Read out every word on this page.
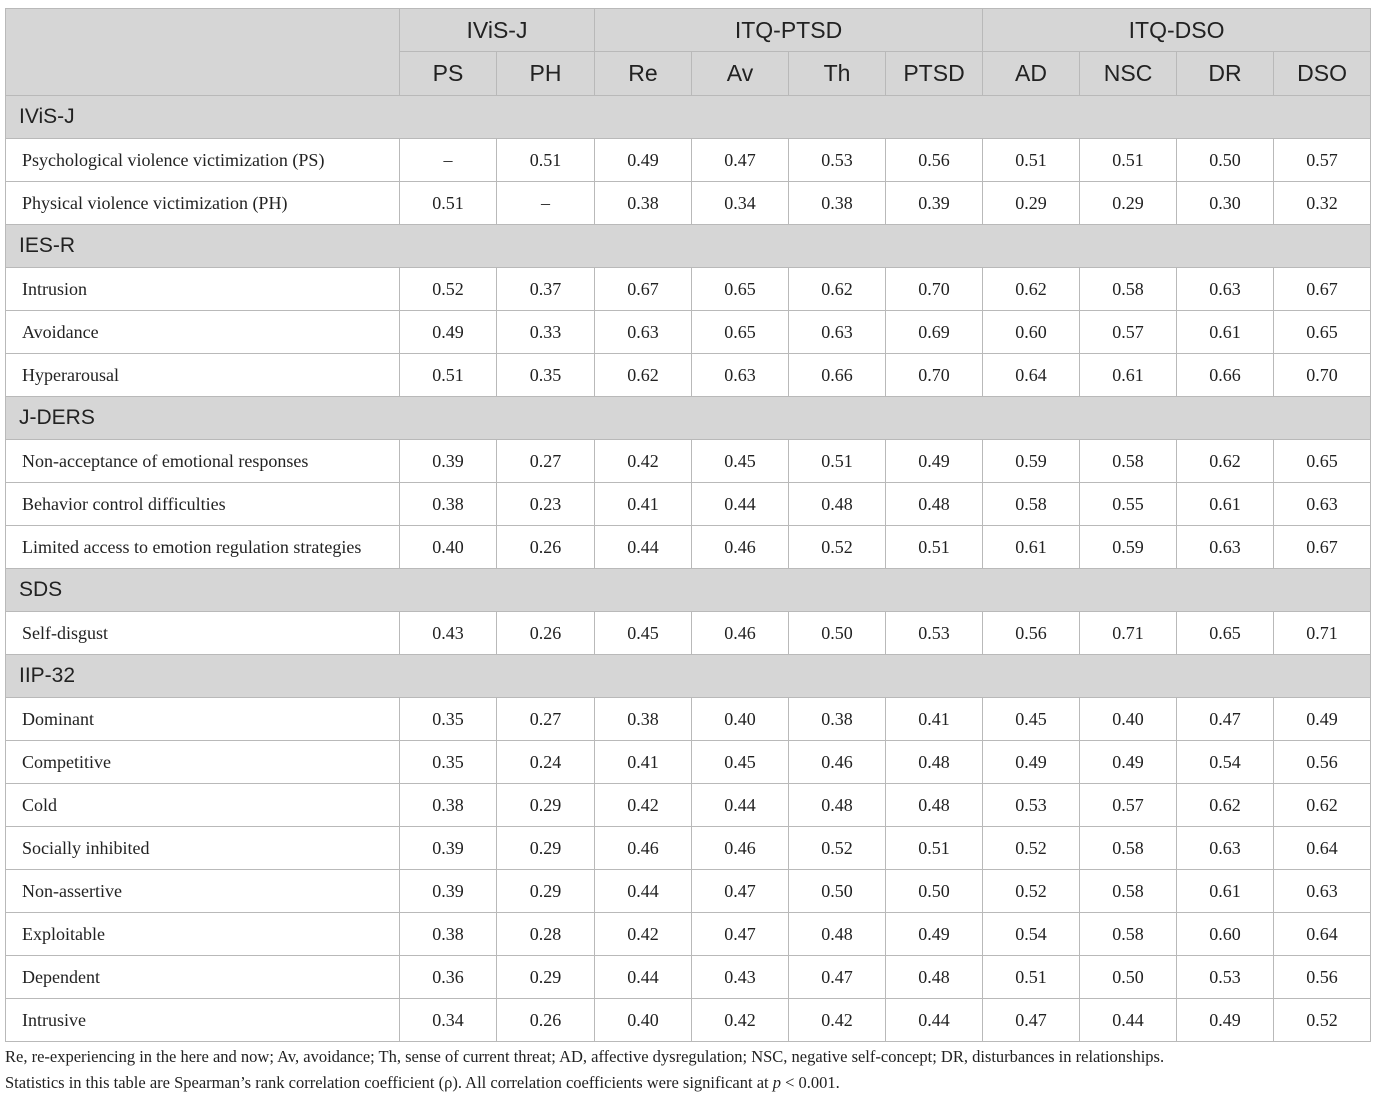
	IViS-J		ITQ-PTSD				ITQ-DSO			
	PS	PH	Re	Av	Th	PTSD	AD	NSC	DR	DSO
IViS-J										
Psychological violence victimization (PS)	–	0.51	0.49	0.47	0.53	0.56	0.51	0.51	0.50	0.57
Physical violence victimization (PH)	0.51	–	0.38	0.34	0.38	0.39	0.29	0.29	0.30	0.32
IES-R										
Intrusion	0.52	0.37	0.67	0.65	0.62	0.70	0.62	0.58	0.63	0.67
Avoidance	0.49	0.33	0.63	0.65	0.63	0.69	0.60	0.57	0.61	0.65
Hyperarousal	0.51	0.35	0.62	0.63	0.66	0.70	0.64	0.61	0.66	0.70
J-DERS										
Non-acceptance of emotional responses	0.39	0.27	0.42	0.45	0.51	0.49	0.59	0.58	0.62	0.65
Behavior control difficulties	0.38	0.23	0.41	0.44	0.48	0.48	0.58	0.55	0.61	0.63
Limited access to emotion regulation strategies	0.40	0.26	0.44	0.46	0.52	0.51	0.61	0.59	0.63	0.67
SDS										
Self-disgust	0.43	0.26	0.45	0.46	0.50	0.53	0.56	0.71	0.65	0.71
IIP-32										
Dominant	0.35	0.27	0.38	0.40	0.38	0.41	0.45	0.40	0.47	0.49
Competitive	0.35	0.24	0.41	0.45	0.46	0.48	0.49	0.49	0.54	0.56
Cold	0.38	0.29	0.42	0.44	0.48	0.48	0.53	0.57	0.62	0.62
Socially inhibited	0.39	0.29	0.46	0.46	0.52	0.51	0.52	0.58	0.63	0.64
Non-assertive	0.39	0.29	0.44	0.47	0.50	0.50	0.52	0.58	0.61	0.63
Exploitable	0.38	0.28	0.42	0.47	0.48	0.49	0.54	0.58	0.60	0.64
Dependent	0.36	0.29	0.44	0.43	0.47	0.48	0.51	0.50	0.53	0.56
Intrusive	0.34	0.26	0.40	0.42	0.42	0.44	0.47	0.44	0.49	0.52
Re, re-experiencing in the here and now; Av, avoidance; Th, sense of current threat; AD, affective dysregulation; NSC, negative self-concept; DR, disturbances in relationships.
Statistics in this table are Spearman’s rank correlation coefficient (ρ). All correlation coefficients were significant at p < 0.001.
